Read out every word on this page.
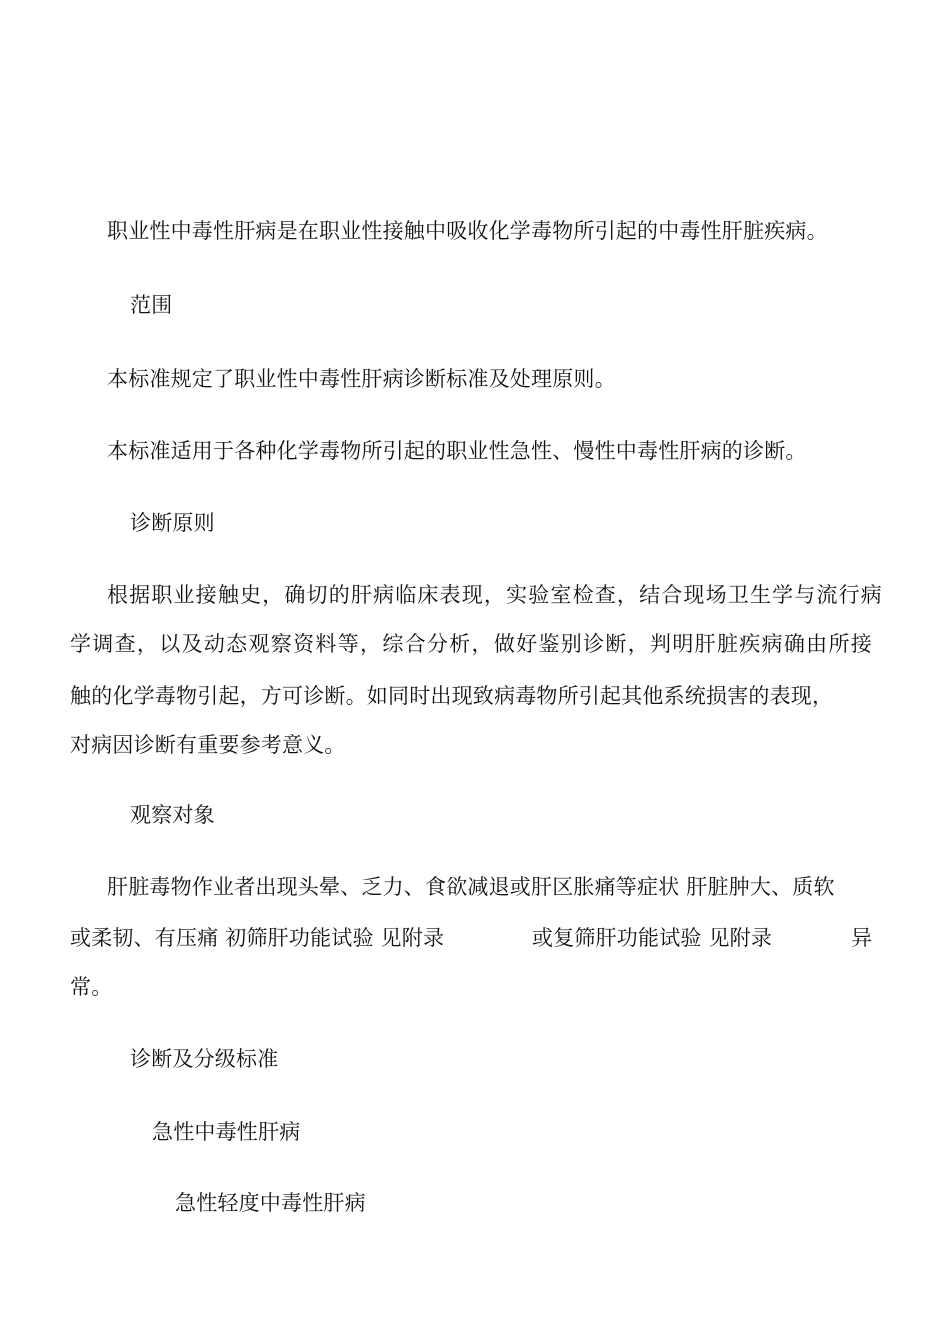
职业性中毒性肝病是在职业性接触中吸收化学毒物所引起的中毒性肝脏疾病。
范围
本标准规定了职业性中毒性肝病诊断标准及处理原则。
本标准适用于各种化学毒物所引起的职业性急性、慢性中毒性肝病的诊断。
诊断原则
根据职业接触史，确切的肝病临床表现，实验室检查，结合现场卫生学与流行病
学调查，以及动态观察资料等，综合分析，做好鉴别诊断，判明肝脏疾病确由所接
触的化学毒物引起，方可诊断。如同时出现致病毒物所引起其他系统损害的表现，
对病因诊断有重要参考意义。
观察对象
肝脏毒物作业者出现头晕、乏力、食欲减退或肝区胀痛等症状 肝脏肿大、质软
或柔韧、有压痛 初筛肝功能试验 见附录	或复筛肝功能试验 见附录	异
常。
诊断及分级标准
急性中毒性肝病
急性轻度中毒性肝病
